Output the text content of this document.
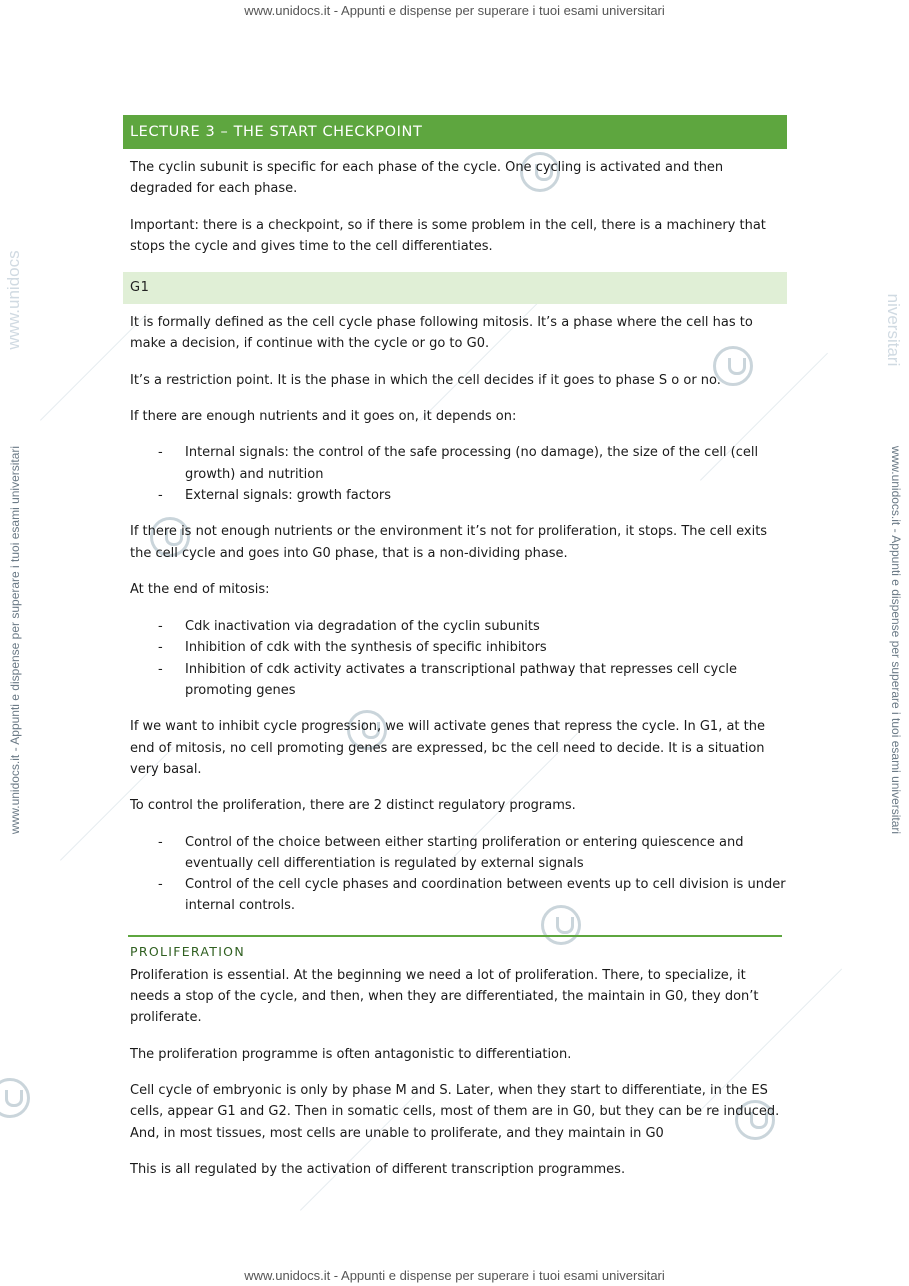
www.unidocs.it - Appunti e dispense per superare i tuoi esami universitari
www.unidocs.it - Appunti e dispense per superare i tuoi esami universitari
www.unidocs	niversitari
www.unidocs.it - Appunti e dispense per superare i tuoi esami universitari	www.unidocs.it - Appunti e dispense per superare i tuoi esami universitari
LECTURE 3 – THE START CHECKPOINT

The cyclin subunit is specific for each phase of the cycle. One cycling is activated and then degraded for each phase.

Important: there is a checkpoint, so if there is some problem in the cell, there is a machinery that stops the cycle and gives time to the cell differentiates.

G1

It is formally defined as the cell cycle phase following mitosis. It’s a phase where the cell has to make a decision, if continue with the cycle or go to G0.

It’s a restriction point. It is the phase in which the cell decides if it goes to phase S o or no.

If there are enough nutrients and it goes on, it depends on:

- Internal signals: the control of the safe processing (no damage), the size of the cell (cell growth) and nutrition
- External signals: growth factors

If there is not enough nutrients or the environment it’s not for proliferation, it stops. The cell exits the cell cycle and goes into G0 phase, that is a non-dividing phase.

At the end of mitosis:

- Cdk inactivation via degradation of the cyclin subunits
- Inhibition of cdk with the synthesis of specific inhibitors
- Inhibition of cdk activity activates a transcriptional pathway that represses cell cycle promoting genes

If we want to inhibit cycle progression, we will activate genes that repress the cycle. In G1, at the end of mitosis, no cell promoting genes are expressed, bc the cell need to decide. It is a situation very basal.

To control the proliferation, there are 2 distinct regulatory programs.

- Control of the choice between either starting proliferation or entering quiescence and eventually cell differentiation is regulated by external signals
- Control of the cell cycle phases and coordination between events up to cell division is under internal controls.
PROLIFERATION

Proliferation is essential. At the beginning we need a lot of proliferation. There, to specialize, it needs a stop of the cycle, and then, when they are differentiated, the maintain in G0, they don’t proliferate.

The proliferation programme is often antagonistic to differentiation.

Cell cycle of embryonic is only by phase M and S. Later, when they start to differentiate, in the ES cells, appear G1 and G2. Then in somatic cells, most of them are in G0, but they can be re induced. And, in most tissues, most cells are unable to proliferate, and they maintain in G0

This is all regulated by the activation of different transcription programmes.
